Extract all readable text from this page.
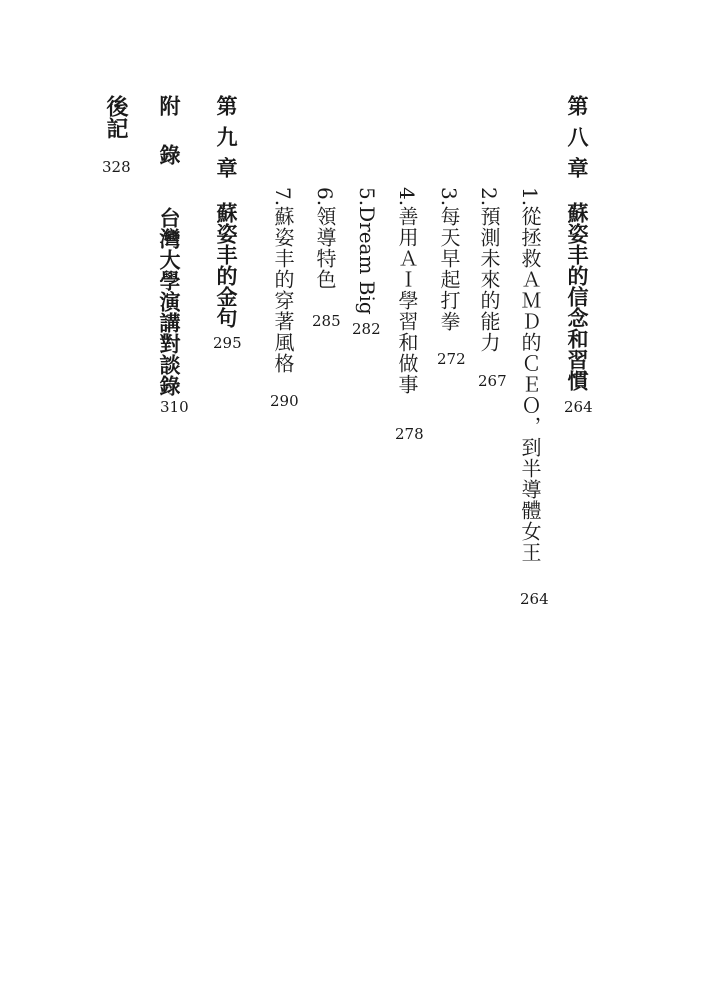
第八章蘇姿丰的信念和習慣
264
1.從拯救ＡＭＤ的ＣＥＯ，到半導體女王
264
2.預測未來的能力
267
3.每天早起打拳
272
4.善用ＡＩ學習和做事
278
5.Dream Big
282
6.領導特色
285
7.蘇姿丰的穿著風格
290
第九章蘇姿丰的金句
295
附錄台灣大學演講對談錄
310
後記
328
